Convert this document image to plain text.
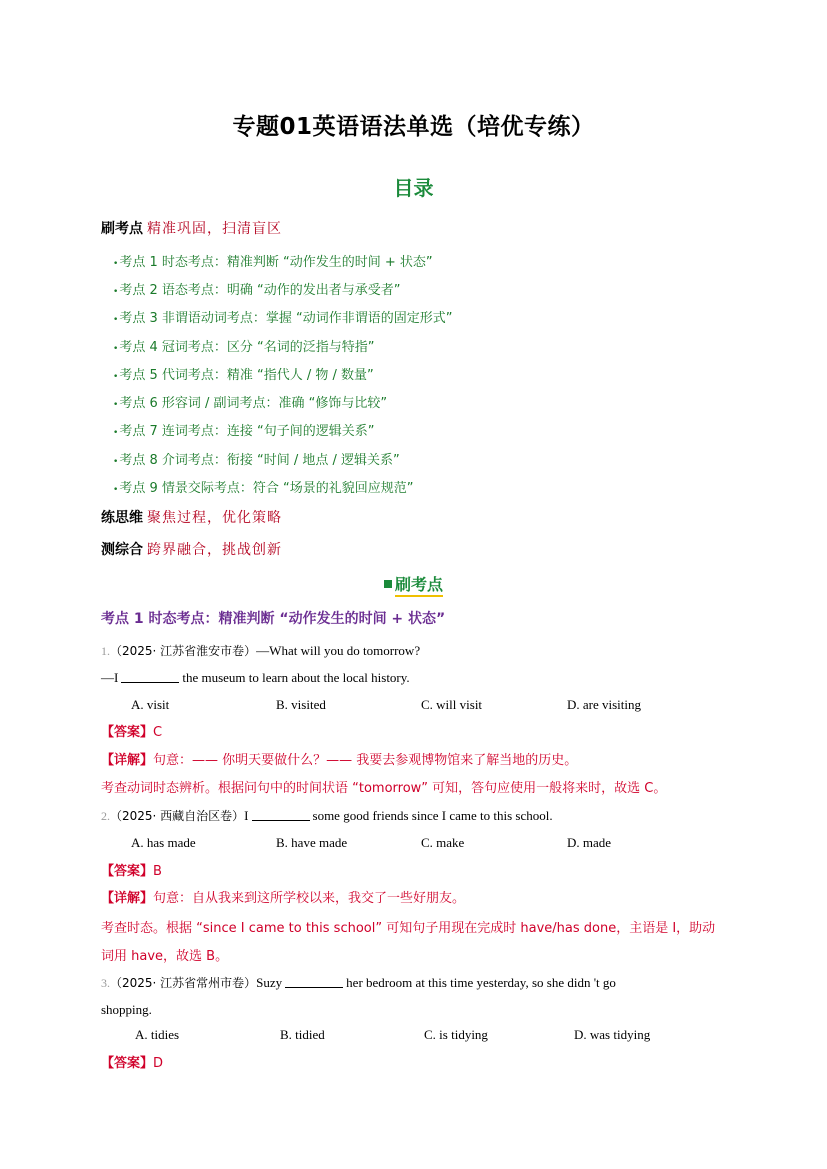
专题01英语语法单选（培优专练）
目录
刷考点 精准巩固，扫清盲区
•考点 1 时态考点：精准判断 “动作发生的时间 + 状态”
•考点 2 语态考点：明确 “动作的发出者与承受者”
•考点 3 非谓语动词考点：掌握 “动词作非谓语的固定形式”
•考点 4 冠词考点：区分 “名词的泛指与特指”
•考点 5 代词考点：精准 “指代人 / 物 / 数量”
•考点 6 形容词 / 副词考点：准确 “修饰与比较”
•考点 7 连词考点：连接 “句子间的逻辑关系”
•考点 8 介词考点：衔接 “时间 / 地点 / 逻辑关系”
•考点 9 情景交际考点：符合 “场景的礼貌回应规范”
练思维 聚焦过程，优化策略
测综合 跨界融合，挑战创新
刷考点
考点 1 时态考点：精准判断 “动作发生的时间 + 状态”
1.（2025· 江苏省淮安市卷）—What will you do tomorrow?
—I	the museum to learn about the local history.
A. visit	B. visited	C. will visit	D. are visiting
【答案】C
【详解】句意：—— 你明天要做什么？—— 我要去参观博物馆来了解当地的历史。
考查动词时态辨析。根据问句中的时间状语 “tomorrow” 可知，答句应使用一般将来时，故选 C。
2.（2025· 西藏自治区卷）I	some good friends since I came to this school.
A. has made	B. have made	C. make	D. made
【答案】B
【详解】句意：自从我来到这所学校以来，我交了一些好朋友。
考查时态。根据 “since I came to this school” 可知句子用现在完成时 have/has done，主语是 I，助动
词用 have，故选 B。
3.（2025· 江苏省常州市卷）Suzy	her bedroom at this time yesterday, so she didn 't go
shopping.
A. tidies	B. tidied	C. is tidying	D. was tidying
【答案】D
